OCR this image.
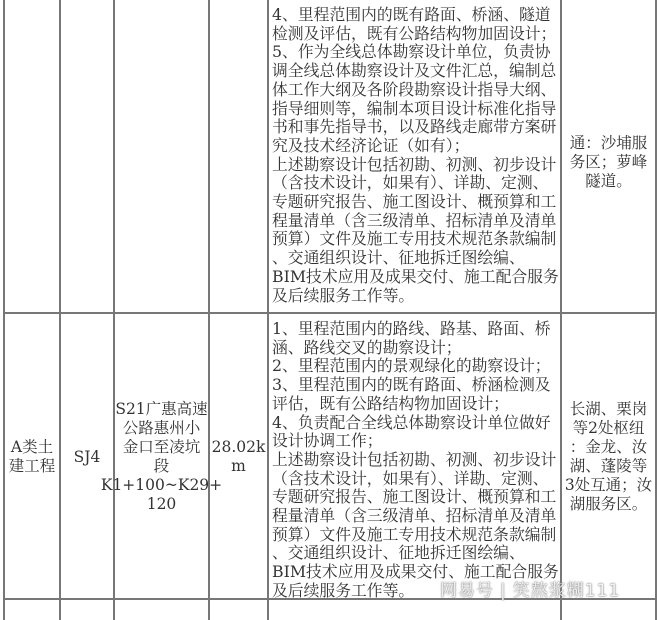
4、里程范围内的既有路面、桥涵、隧道
检测及评估，既有公路结构物加固设计；
5、作为全线总体勘察设计单位，负责协
调全线总体勘察设计及文件汇总，编制总
体工作大纲及各阶段勘察设计指导大纲、
指导细则等，编制本项目设计标准化指导
书和事先指导书，以及路线走廊带方案研
究及技术经济论证（如有）；
上述勘察设计包括初勘、初测、初步设计
（含技术设计，如果有）、详勘、定测、
专题研究报告、施工图设计、概预算和工
程量清单（含三级清单、招标清单及清单
预算）文件及施工专用技术规范条款编制
、交通组织设计、征地拆迁图绘编、
BIM技术应用及成果交付、施工配合服务
及后续服务工作等。
通：沙埔服
务区；萝峰
隧道。
A类土
建工程
SJ4
S21广惠高速
公路惠州小
金口至凌坑
段
K1+100~K29+
120
28.02k
m
1、里程范围内的路线、路基、路面、桥
涵、路线交叉的勘察设计；
2、里程范围内的景观绿化的勘察设计；
3、里程范围内的既有路面、桥涵检测及
评估，既有公路结构物加固设计；
4、负责配合全线总体勘察设计单位做好
设计协调工作；
上述勘察设计包括初勘、初测、初步设计
（含技术设计，如果有）、详勘、定测、
专题研究报告、施工图设计、概预算和工
程量清单（含三级清单、招标清单及清单
预算）文件及施工专用技术规范条款编制
、交通组织设计、征地拆迁图绘编、
BIM技术应用及成果交付、施工配合服务
及后续服务工作等。
长湖、栗岗
等2处枢纽
：金龙、汝
湖、蓬陵等
3处互通；汝
湖服务区。
网易号 | 笑熬浆糊111
